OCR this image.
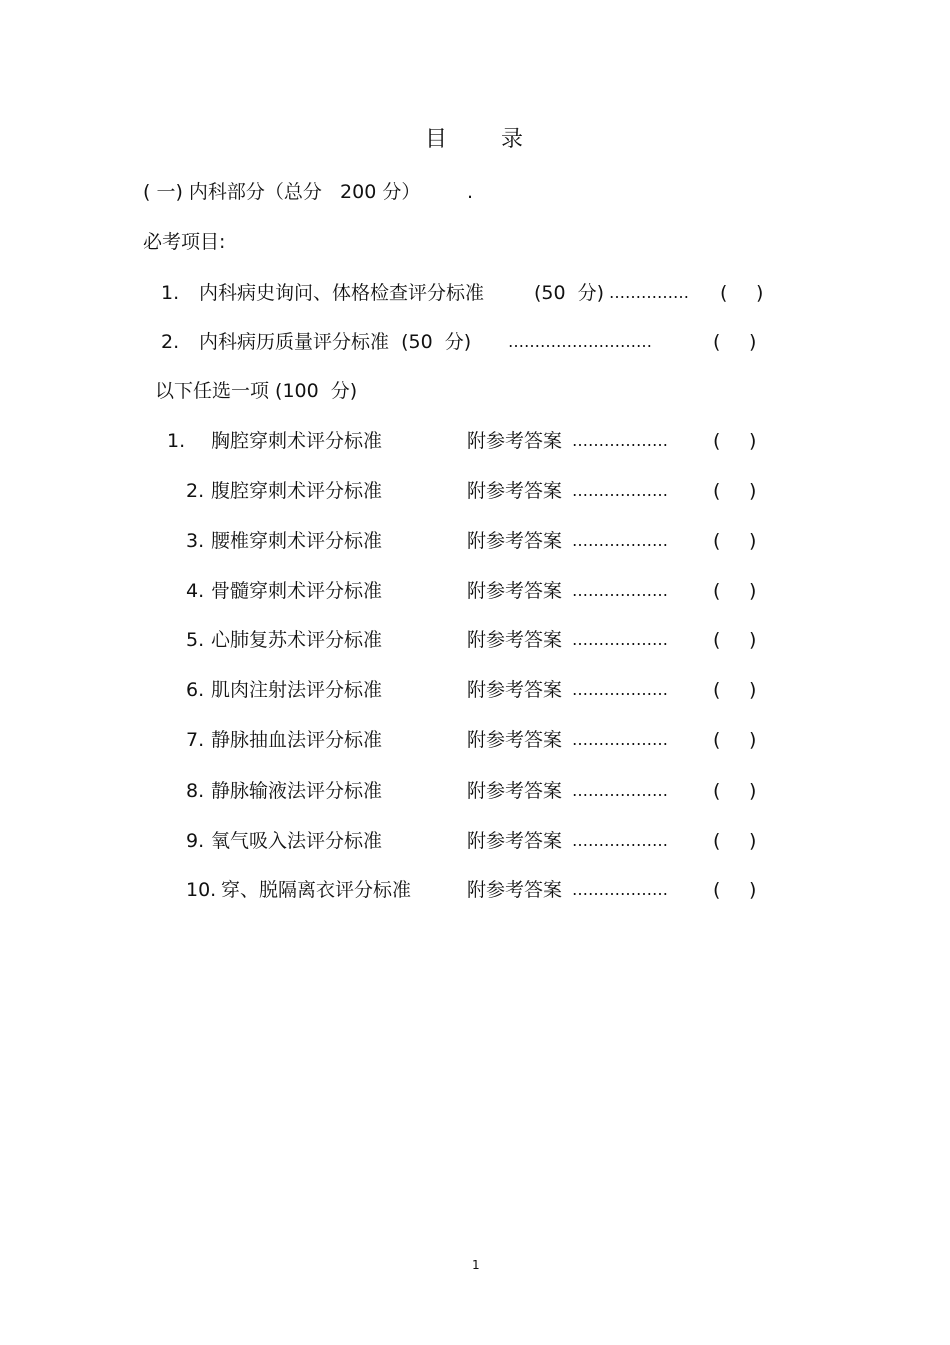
目 录
( 一) 内科部分（总分   200 分） .
必考项目:
1. 内科病史询问、体格检查评分标准	(50  分) …………… ( )
2. 内科病历质量评分标准  (50  分) ………………………	( )
以下任选一项 (100  分)
1. 胸腔穿刺术评分标准	附参考答案 ……………… ( )
2. 腹腔穿刺术评分标准	附参考答案 ……………… ( )
3. 腰椎穿刺术评分标准	附参考答案 ……………… ( )
4. 骨髓穿刺术评分标准	附参考答案 ……………… ( )
5. 心肺复苏术评分标准	附参考答案 ……………… ( )
6. 肌肉注射法评分标准	附参考答案 ……………… ( )
7. 静脉抽血法评分标准	附参考答案 ……………… ( )
8. 静脉输液法评分标准	附参考答案 ……………… ( )
9. 氧气吸入法评分标准	附参考答案 ……………… ( )
10. 穿、脱隔离衣评分标准	附参考答案 ……………… ( )
1
